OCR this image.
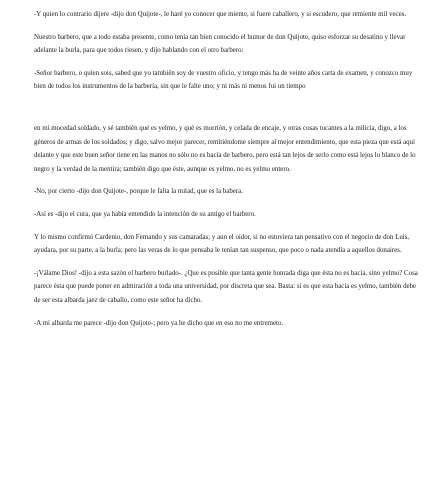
-Y quien lo contrario dijere -dijo don Quijote-, le haré yo conocer que miente, si fuere caballero, y si escudero, que remiente mil veces.

Nuestro barbero, que a todo estaba presente, como tenía tan bien conocido el humor de don Quijote, quiso esforzar su desatino y llevar adelante la burla, para que todos riesen, y dijo hablando con el otro barbero:

-Señor barbero, o quien sois, sabed que yo también soy de vuestro oficio, y tengo más ha de veinte años carta de examen, y conozco muy bien de todos los instrumentos de la barbería, sin que le falte uno; y ni más ni menos fui un tiempo

en mi mocedad soldado, y sé también qué es yelmo, y qué es morrión, y celada de encaje, y otras cosas tocantes a la milicia, digo, a los géneros de armas de los soldados; y digo, salvo mejor parecer, remitiéndome siempre al mejor entendimiento, que esta pieza que está aquí delante y que este buen señor tiene en las manos no sólo no es bacía de barbero, pero está tan lejos de serlo como está lejos lo blanco de lo negro y la verdad de la mentira; también digo que éste, aunque es yelmo, no es yelmo entero.

-No, por cierto -dijo don Quijote-, porque le falta la mitad, que es la babera.

-Así es -dijo el cura, que ya había entendido la intención de su amigo el barbero.

Y lo mismo confirmó Cardenio, don Fernando y sus camaradas; y aun el oidor, si no estuviera tan pensativo con el negocio de don Luis, ayudara, por su parte, a la burla; pero las veras de lo que pensaba le tenían tan suspenso, que poco o nada atendía a aquellos donaires.

-¡Válame Dios! -dijo a esta sazón el barbero burlado-. ¿Que es posible que tanta gente honrada diga que ésta no es bacía, sino yelmo? Cosa parece ésta que puede poner en admiración a toda una universidad, por discreta que sea. Basta: si es que esta bacía es yelmo, también debe de ser esta albarda jaez de caballo, como este señor ha dicho.

-A mí albarda me parece -dijo don Quijote-; pero ya he dicho que en eso no me entremeto.
